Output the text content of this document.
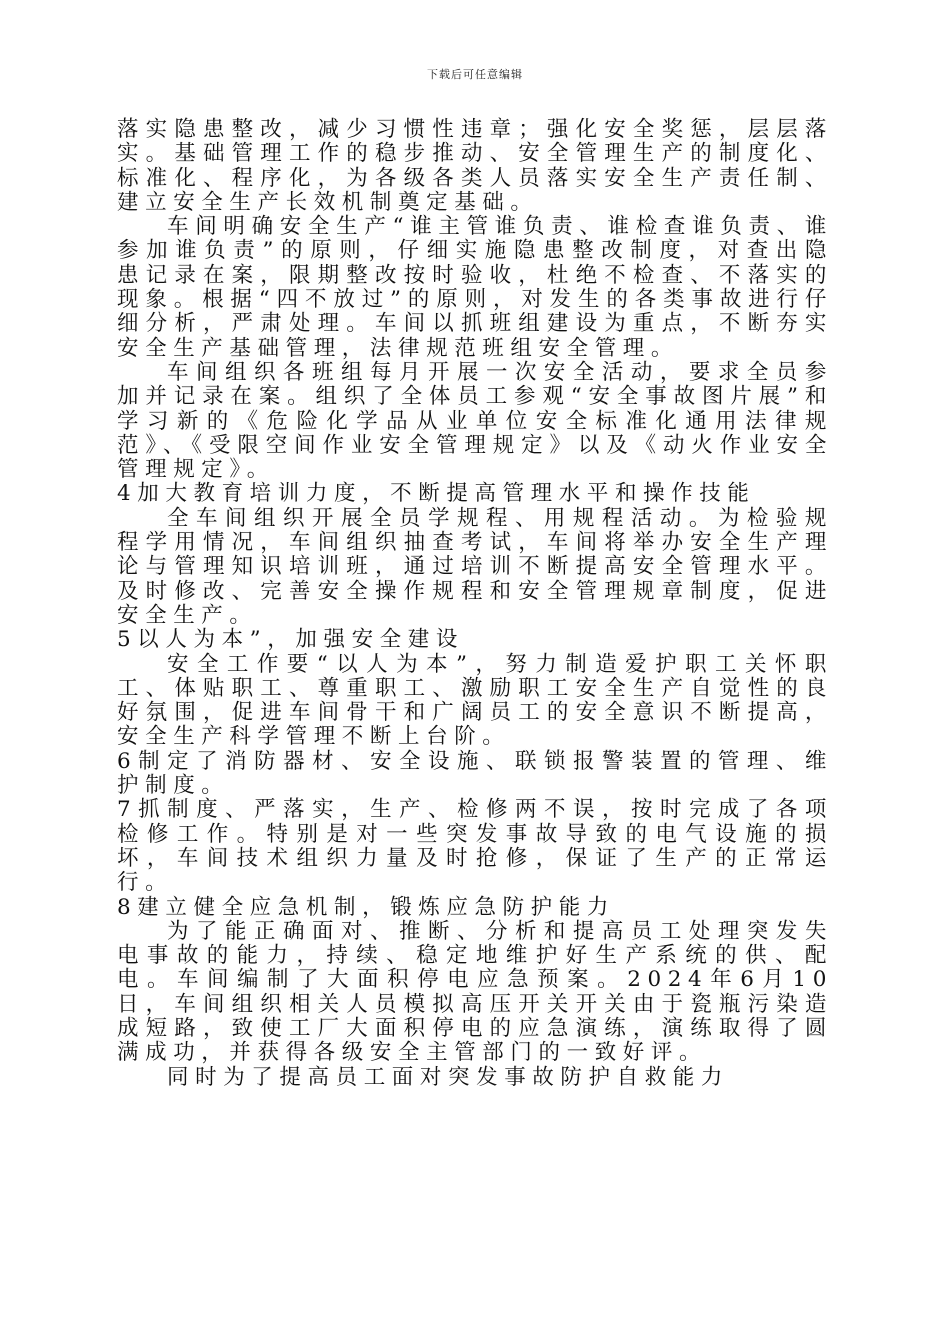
下载后可任意编辑

落实隐患整改，减少习惯性违章；强化安全奖惩，层层落实。基础管理工作的稳步推动、安全管理生产的制度化、标准化、程序化，为各级各类人员落实安全生产责任制、建立安全生产长效机制奠定基础。

车间明确安全生产“谁主管谁负责、谁检查谁负责、谁参加谁负责”的原则，仔细实施隐患整改制度，对查出隐患记录在案，限期整改按时验收，杜绝不检查、不落实的现象。根据“四不放过”的原则，对发生的各类事故进行仔细分析，严肃处理。车间以抓班组建设为重点，不断夯实安全生产基础管理，法律规范班组安全管理。

车间组织各班组每月开展一次安全活动，要求全员参加并记录在案。组织了全体员工参观“安全事故图片展”和学习新的《危险化学品从业单位安全标准化通用法律规范》、《受限空间作业安全管理规定》以及《动火作业安全管理规定》。

4加大教育培训力度，不断提高管理水平和操作技能

全车间组织开展全员学规程、用规程活动。为检验规程学用情况，车间组织抽查考试，车间将举办安全生产理论与管理知识培训班，通过培训不断提高安全管理水平。及时修改、完善安全操作规程和安全管理规章制度，促进安全生产。

5以人为本”，加强安全建设

安全工作要“以人为本”，努力制造爱护职工关怀职工、体贴职工、尊重职工、激励职工安全生产自觉性的良好氛围，促进车间骨干和广阔员工的安全意识不断提高，安全生产科学管理不断上台阶。

6制定了消防器材、安全设施、联锁报警装置的管理、维护制度。

7抓制度、严落实，生产、检修两不误，按时完成了各项检修工作。特别是对一些突发事故导致的电气设施的损坏，车间技术组织力量及时抢修，保证了生产的正常运行。

8建立健全应急机制，锻炼应急防护能力

为了能正确面对、推断、分析和提高员工处理突发失电事故的能力，持续、稳定地维护好生产系统的供、配电。车间编制了大面积停电应急预案。2024年6月10日，车间组织相关人员模拟高压开关开关由于瓷瓶污染造成短路，致使工厂大面积停电的应急演练，演练取得了圆满成功，并获得各级安全主管部门的一致好评。

同时为了提高员工面对突发事故防护自救能力
